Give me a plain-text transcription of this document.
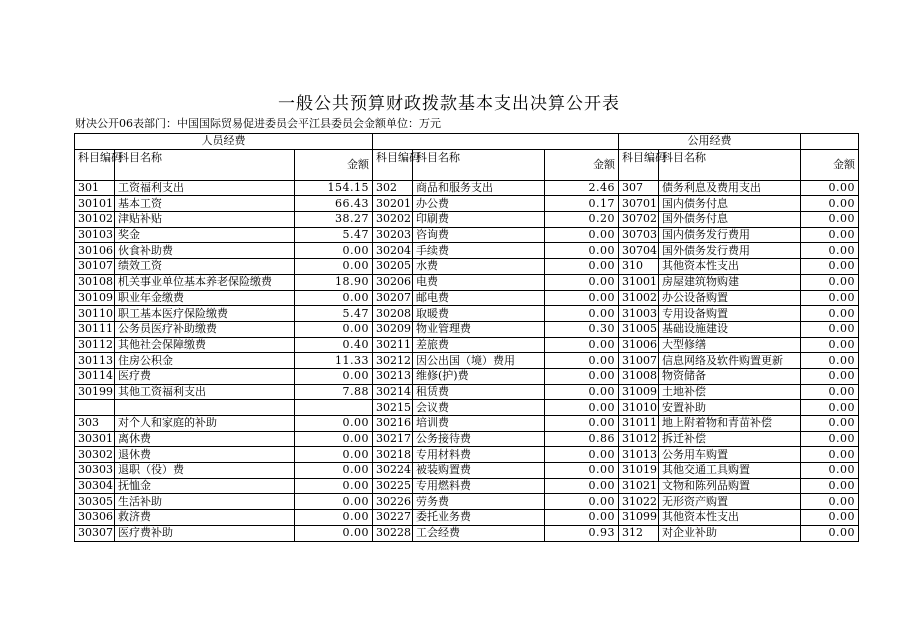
一般公共预算财政拨款基本支出决算公开表
财决公开06表部门：中国国际贸易促进委员会平江县委员会金额单位：万元
人员经费						公用经费		
科目编码	科目名称	金额	科目编码	科目名称	金额	科目编码	科目名称	金额
301	工资福利支出	154.15	302	商品和服务支出	2.46	307	债务利息及费用支出	0.00
30101	基本工资	66.43	30201	办公费	0.17	30701	国内债务付息	0.00
30102	津贴补贴	38.27	30202	印刷费	0.20	30702	国外债务付息	0.00
30103	奖金	5.47	30203	咨询费	0.00	30703	国内债务发行费用	0.00
30106	伙食补助费	0.00	30204	手续费	0.00	30704	国外债务发行费用	0.00
30107	绩效工资	0.00	30205	水费	0.00	310	其他资本性支出	0.00
30108	机关事业单位基本养老保险缴费	18.90	30206	电费	0.00	31001	房屋建筑物购建	0.00
30109	职业年金缴费	0.00	30207	邮电费	0.00	31002	办公设备购置	0.00
30110	职工基本医疗保险缴费	5.47	30208	取暖费	0.00	31003	专用设备购置	0.00
30111	公务员医疗补助缴费	0.00	30209	物业管理费	0.30	31005	基础设施建设	0.00
30112	其他社会保障缴费	0.40	30211	差旅费	0.00	31006	大型修缮	0.00
30113	住房公积金	11.33	30212	因公出国（境）费用	0.00	31007	信息网络及软件购置更新	0.00
30114	医疗费	0.00	30213	维修(护)费	0.00	31008	物资储备	0.00
30199	其他工资福利支出	7.88	30214	租赁费	0.00	31009	土地补偿	0.00
			30215	会议费	0.00	31010	安置补助	0.00
303	对个人和家庭的补助	0.00	30216	培训费	0.00	31011	地上附着物和青苗补偿	0.00
30301	离休费	0.00	30217	公务接待费	0.86	31012	拆迁补偿	0.00
30302	退休费	0.00	30218	专用材料费	0.00	31013	公务用车购置	0.00
30303	退职（役）费	0.00	30224	被装购置费	0.00	31019	其他交通工具购置	0.00
30304	抚恤金	0.00	30225	专用燃料费	0.00	31021	文物和陈列品购置	0.00
30305	生活补助	0.00	30226	劳务费	0.00	31022	无形资产购置	0.00
30306	救济费	0.00	30227	委托业务费	0.00	31099	其他资本性支出	0.00
30307	医疗费补助	0.00	30228	工会经费	0.93	312	对企业补助	0.00
